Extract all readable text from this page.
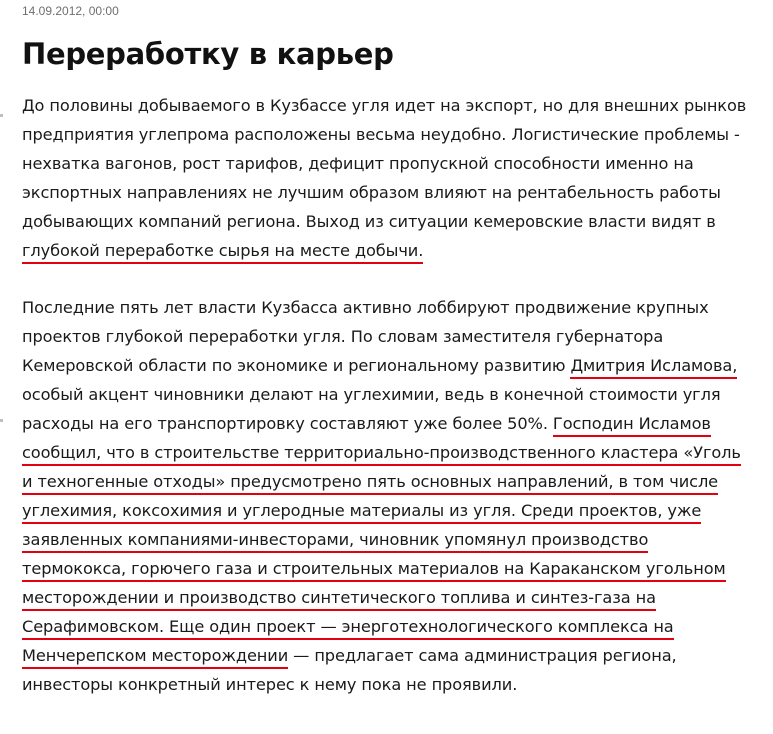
14.09.2012, 00:00
Переработку в карьер
До половины добываемого в Кузбассе угля идет на экспорт, но для внешних рынков
предприятия углепрома расположены весьма неудобно. Логистические проблемы -
нехватка вагонов, рост тарифов, дефицит пропускной способности именно на
экспортных направлениях не лучшим образом влияют на рентабельность работы
добывающих компаний региона. Выход из ситуации кемеровские власти видят в
глубокой переработке сырья на месте добычи.
Последние пять лет власти Кузбасса активно лоббируют продвижение крупных
проектов глубокой переработки угля. По словам заместителя губернатора
Кемеровской области по экономике и региональному развитию Дмитрия Исламова,
особый акцент чиновники делают на углехимии, ведь в конечной стоимости угля
расходы на его транспортировку составляют уже более 50%. Господин Исламов
сообщил, что в строительстве территориально-производственного кластера «Уголь
и техногенные отходы» предусмотрено пять основных направлений, в том числе
углехимия, коксохимия и углеродные материалы из угля. Среди проектов, уже
заявленных компаниями-инвесторами, чиновник упомянул производство
термококса, горючего газа и строительных материалов на Караканском угольном
месторождении и производство синтетического топлива и синтез-газа на
Серафимовском. Еще один проект — энерготехнологического комплекса на
Менчерепском месторождении — предлагает сама администрация региона,
инвесторы конкретный интерес к нему пока не проявили.
